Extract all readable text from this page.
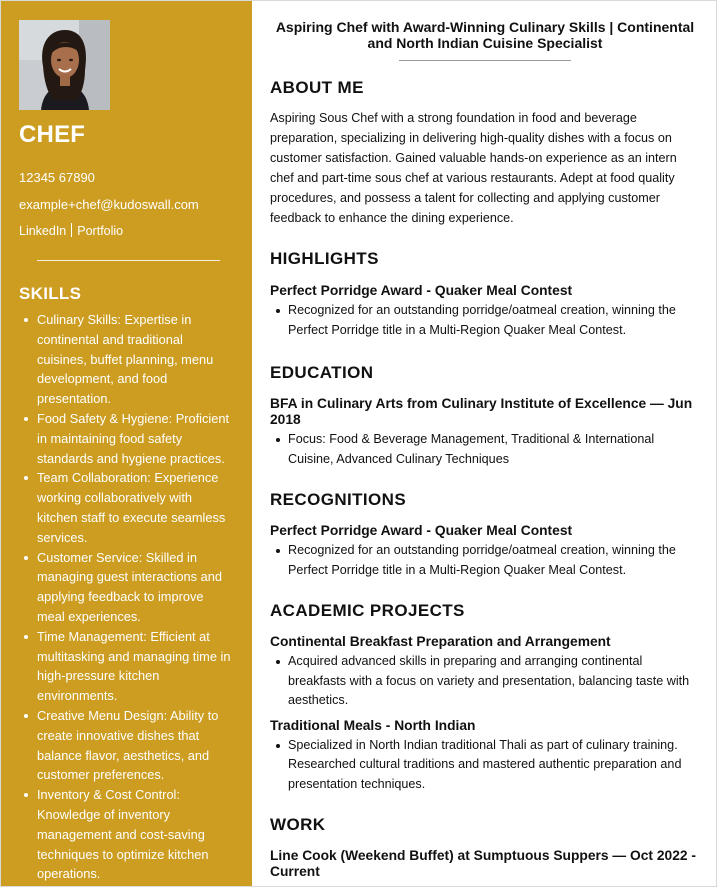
CHEF
12345 67890
example+chef@kudoswall.com
LinkedIn Portfolio
SKILLS
Culinary Skills: Expertise in continental and traditional cuisines, buffet planning, menu development, and food presentation.
Food Safety & Hygiene: Proficient in maintaining food safety standards and hygiene practices.
Team Collaboration: Experience working collaboratively with kitchen staff to execute seamless services.
Customer Service: Skilled in managing guest interactions and applying feedback to improve meal experiences.
Time Management: Efficient at multitasking and managing time in high-pressure kitchen environments.
Creative Menu Design: Ability to create innovative dishes that balance flavor, aesthetics, and customer preferences.
Inventory & Cost Control: Knowledge of inventory management and cost-saving techniques to optimize kitchen operations.
Aspiring Chef with Award-Winning Culinary Skills | Continental and North Indian Cuisine Specialist
ABOUT ME

Aspiring Sous Chef with a strong foundation in food and beverage preparation, specializing in delivering high-quality dishes with a focus on customer satisfaction. Gained valuable hands-on experience as an intern chef and part-time sous chef at various restaurants. Adept at food quality procedures, and possess a talent for collecting and applying customer feedback to enhance the dining experience.

HIGHLIGHTS
Perfect Porridge Award - Quaker Meal Contest
Recognized for an outstanding porridge/oatmeal creation, winning the Perfect Porridge title in a Multi-Region Quaker Meal Contest.
EDUCATION
BFA in Culinary Arts from Culinary Institute of Excellence — Jun 2018
Focus: Food & Beverage Management, Traditional & International Cuisine, Advanced Culinary Techniques
RECOGNITIONS
Perfect Porridge Award - Quaker Meal Contest
Recognized for an outstanding porridge/oatmeal creation, winning the Perfect Porridge title in a Multi-Region Quaker Meal Contest.
ACADEMIC PROJECTS
Continental Breakfast Preparation and Arrangement
Acquired advanced skills in preparing and arranging continental breakfasts with a focus on variety and presentation, balancing taste with aesthetics.
Traditional Meals - North Indian
Specialized in North Indian traditional Thali as part of culinary training. Researched cultural traditions and mastered authentic preparation and presentation techniques.
WORK
Line Cook (Weekend Buffet) at Sumptuous Suppers — Oct 2022 - Current
